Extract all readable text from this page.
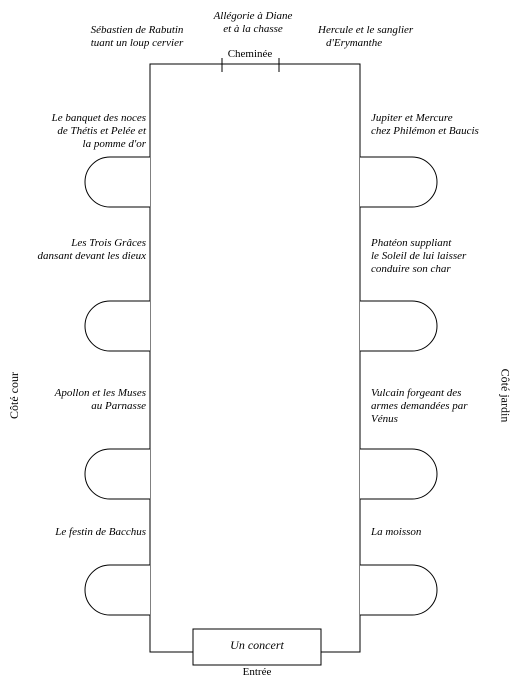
Sébastien de Rabutin
tuant un loup cervier
Allégorie à Diane
et à la chasse	Hercule et le sanglier
d'Erymanthe
Cheminée
Le banquet des noces
de Thétis et Pelée et
la pomme d'or
Les Trois Grâces
dansant devant les dieux
Apollon et les Muses
au Parnasse
Le festin de Bacchus
Jupiter et Mercure
chez Philémon et Baucis
Phatéon suppliant
le Soleil de lui laisser
conduire son char
Vulcain forgeant des
armes demandées par
Vénus
La moisson
Côté cour	Côté jardin
Un concert
Entrée
